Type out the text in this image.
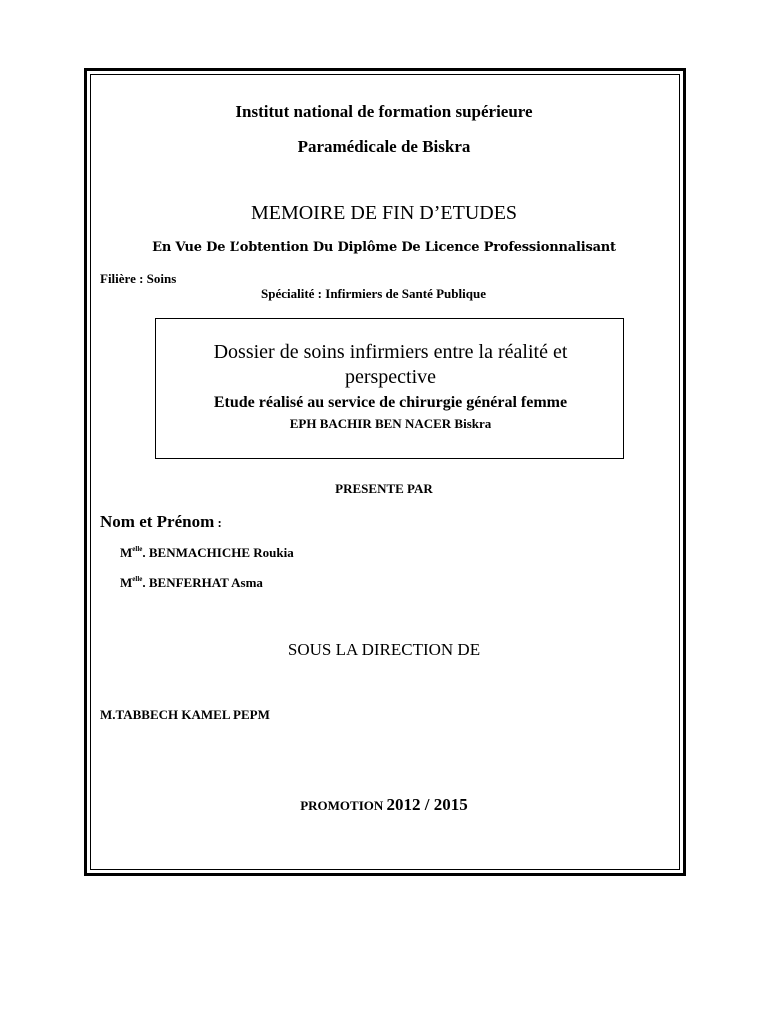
Institut national de formation supérieure
Paramédicale de Biskra
MEMOIRE DE FIN D’ETUDES
En Vue De L’obtention Du Diplôme De Licence Professionnalisant
Filière : Soins
Spécialité : Infirmiers de Santé Publique
Dossier de soins infirmiers entre la réalité et
perspective
Etude réalisé au service de chirurgie général femme
EPH BACHIR BEN NACER Biskra
PRESENTE PAR
Nom et Prénom :
$M^{elle}$. BENMACHICHE Roukia
$M^{elle}$. BENFERHAT Asma
SOUS LA DIRECTION DE
M.TABBECH KAMEL PEPM
PROMOTION 2012 / 2015
